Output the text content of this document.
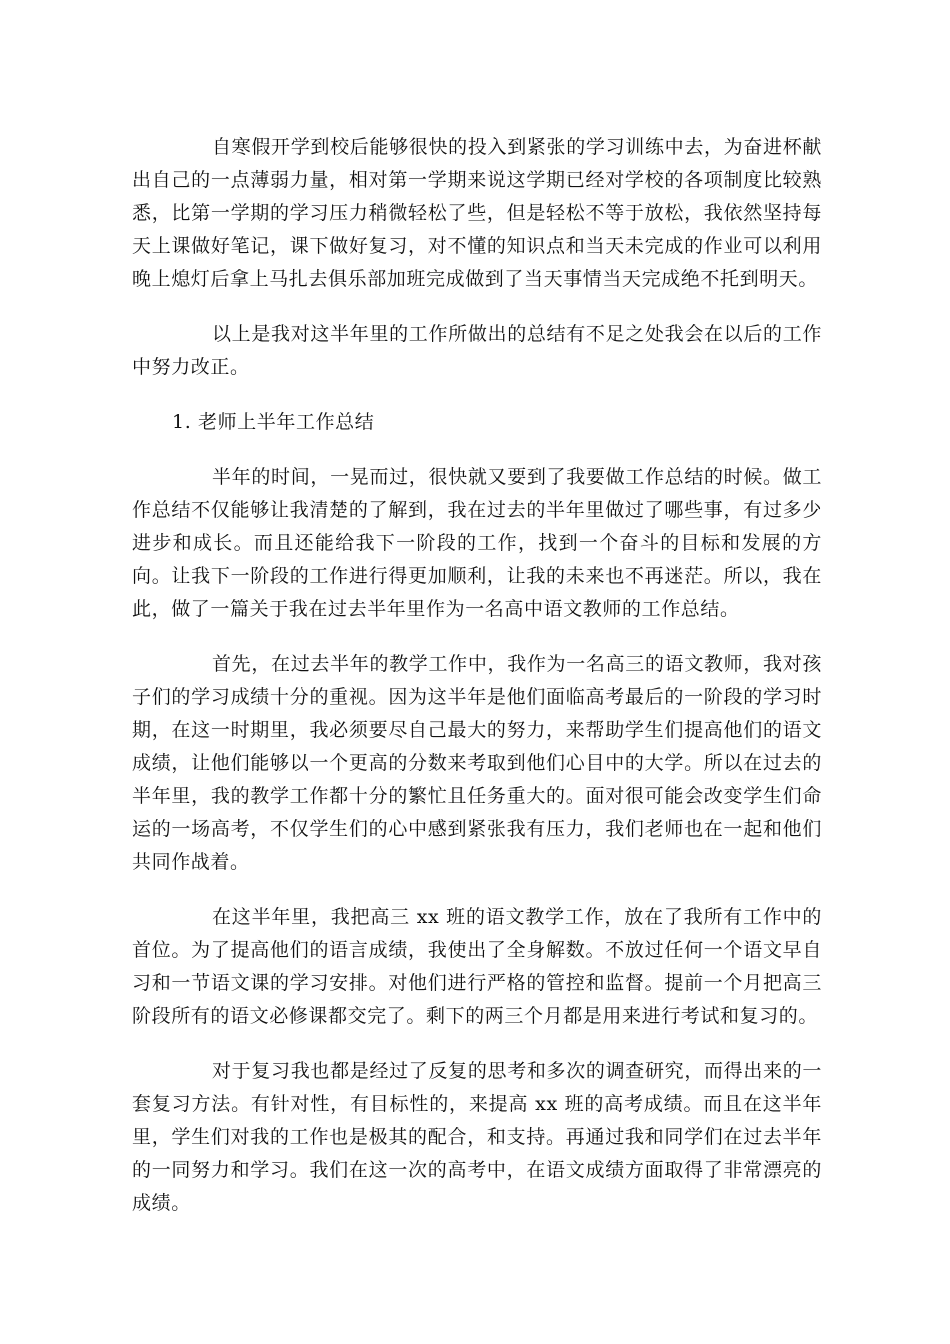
自寒假开学到校后能够很快的投入到紧张的学习训练中去，为奋进杯献出自己的一点薄弱力量，相对第一学期来说这学期已经对学校的各项制度比较熟悉，比第一学期的学习压力稍微轻松了些，但是轻松不等于放松，我依然坚持每天上课做好笔记，课下做好复习，对不懂的知识点和当天未完成的作业可以利用晚上熄灯后拿上马扎去俱乐部加班完成做到了当天事情当天完成绝不托到明天。

以上是我对这半年里的工作所做出的总结有不足之处我会在以后的工作中努力改正。

1. 老师上半年工作总结

半年的时间，一晃而过，很快就又要到了我要做工作总结的时候。做工作总结不仅能够让我清楚的了解到，我在过去的半年里做过了哪些事，有过多少进步和成长。而且还能给我下一阶段的工作，找到一个奋斗的目标和发展的方向。让我下一阶段的工作进行得更加顺利，让我的未来也不再迷茫。所以，我在此，做了一篇关于我在过去半年里作为一名高中语文教师的工作总结。

首先，在过去半年的教学工作中，我作为一名高三的语文教师，我对孩子们的学习成绩十分的重视。因为这半年是他们面临高考最后的一阶段的学习时期，在这一时期里，我必须要尽自己最大的努力，来帮助学生们提高他们的语文成绩，让他们能够以一个更高的分数来考取到他们心目中的大学。所以在过去的半年里，我的教学工作都十分的繁忙且任务重大的。面对很可能会改变学生们命运的一场高考，不仅学生们的心中感到紧张我有压力，我们老师也在一起和他们共同作战着。

在这半年里，我把高三 xx 班的语文教学工作，放在了我所有工作中的首位。为了提高他们的语言成绩，我使出了全身解数。不放过任何一个语文早自习和一节语文课的学习安排。对他们进行严格的管控和监督。提前一个月把高三阶段所有的语文必修课都交完了。剩下的两三个月都是用来进行考试和复习的。

对于复习我也都是经过了反复的思考和多次的调查研究，而得出来的一套复习方法。有针对性，有目标性的，来提高 xx 班的高考成绩。而且在这半年里，学生们对我的工作也是极其的配合，和支持。再通过我和同学们在过去半年的一同努力和学习。我们在这一次的高考中，在语文成绩方面取得了非常漂亮的成绩。
